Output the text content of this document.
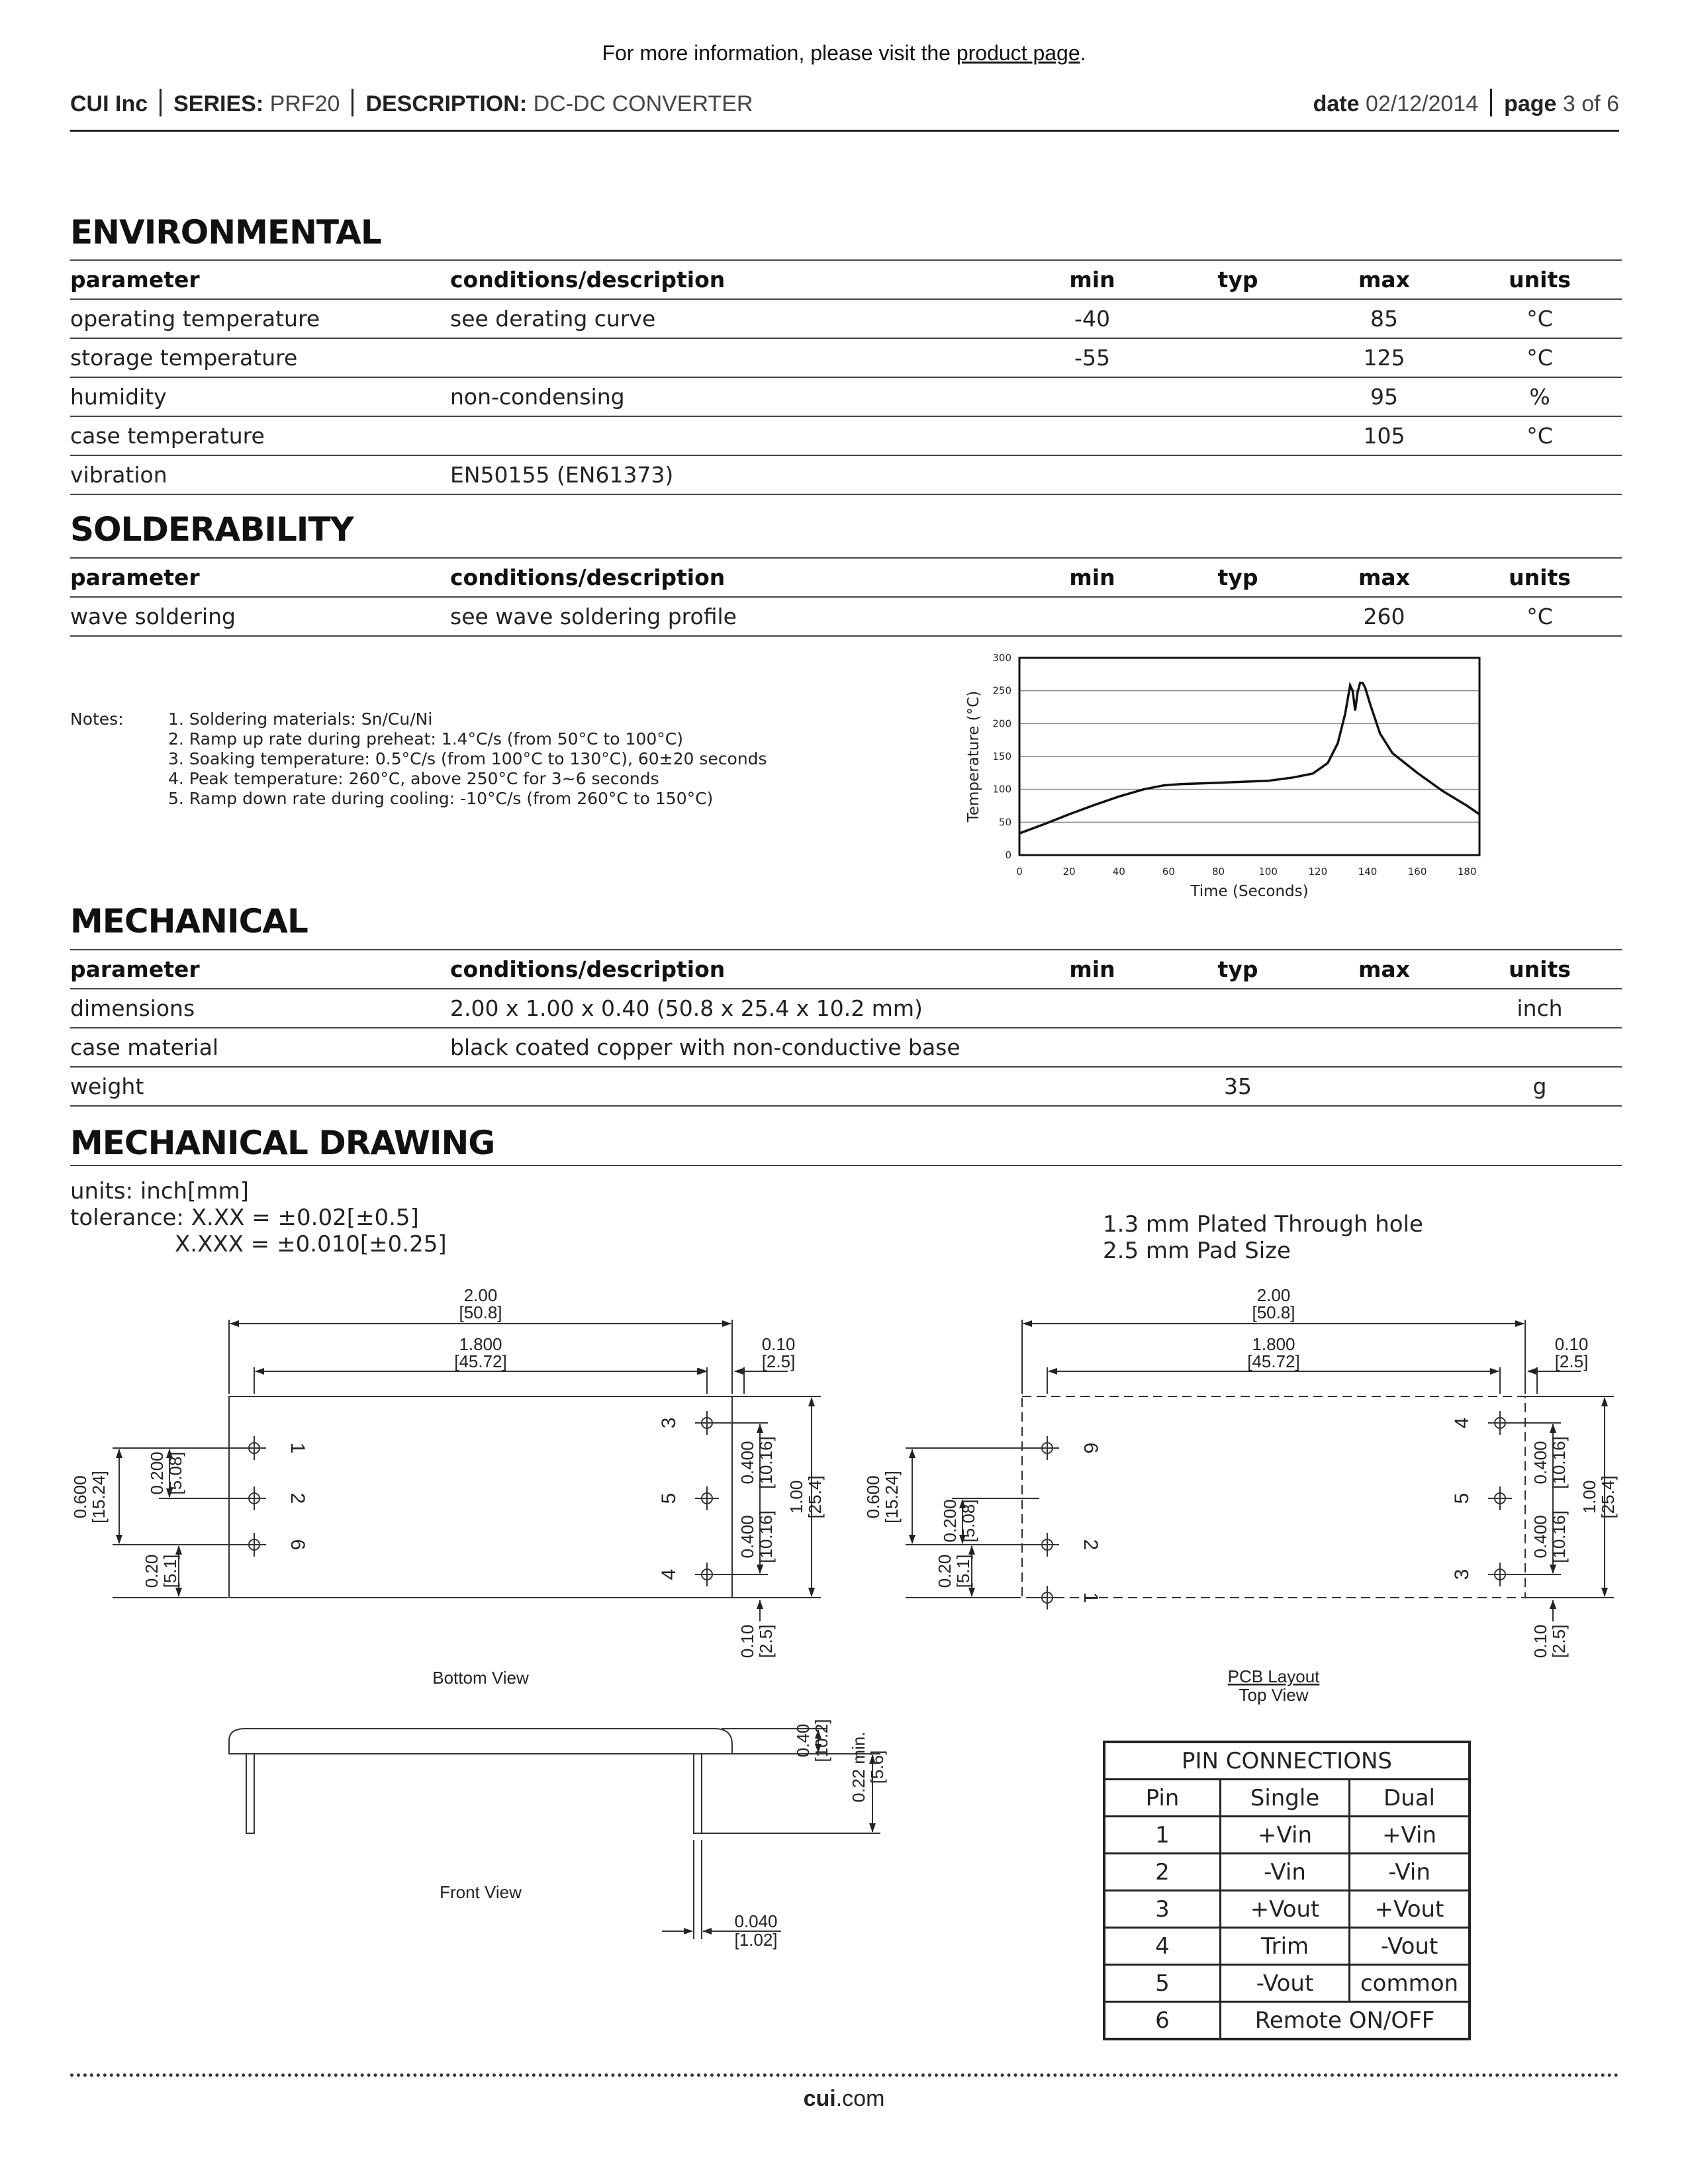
For more information, please visit the product page.
CUI Inc SERIES: PRF20 DESCRIPTION: DC-DC CONVERTER	date 02/12/2014 page 3 of 6
ENVIRONMENTAL
parameter	conditions/description	min	typ	max	units
operating temperature	see derating curve	-40		85	°C
storage temperature		-55		125	°C
humidity	non-condensing			95	%
case temperature				105	°C
vibration	EN50155 (EN61373)				
SOLDERABILITY
parameter	conditions/description	min	typ	max	units
wave soldering	see wave soldering profile			260	°C
Notes:	1. Soldering materials: Sn/Cu/Ni
2. Ramp up rate during preheat: 1.4°C/s (from 50°C to 100°C)
3. Soaking temperature: 0.5°C/s (from 100°C to 130°C), 60±20 seconds
4. Peak temperature: 260°C, above 250°C for 3~6 seconds
5. Ramp down rate during cooling: -10°C/s (from 260°C to 150°C)
0
50
100
150
200
250
300
0	20	40	60	80	100	120	140	160	180
Time (Seconds)
Temperature (°C)
MECHANICAL
parameter	conditions/description	min	typ	max	units
dimensions	2.00 x 1.00 x 0.40 (50.8 x 25.4 x 10.2 mm)				inch
case material	black coated copper with non-conductive base				
weight			35		g
MECHANICAL DRAWING
units: inch[mm]
tolerance: X.XX = ±0.02[±0.5]
X.XXX = ±0.010[±0.25]
1.3 mm Plated Through hole
2.5 mm Pad Size
1
2
6
3
5
4
6
2
1
4
5
3
2.00
[50.8]
1.800
[45.72]
0.10
[2.5]
1.00
[25.4]
0.400
[10.16]
0.400
[10.16]
0.10
[2.5]
0.600
[15.24] 0.200
[5.08]
0.20
[5.1]
Bottom View
2.00
[50.8]
1.800
[45.72]
0.10
[2.5]
1.00
[25.4]
0.400
[10.16]
0.400
[10.16]
0.10
[2.5]
0.600
[15.24] 0.200
[5.08]
0.20
[5.1]
PCB Layout
Top View
Front View
0.40
[10.2] 0.22 min.
[5.6]
0.040
[1.02]
PIN CONNECTIONS		
Pin	Single	Dual
1	+Vin	+Vin
2	-Vin	-Vin
3	+Vout	+Vout
4	Trim	-Vout
5	-Vout	common
6	Remote ON/OFF	
cui.com
